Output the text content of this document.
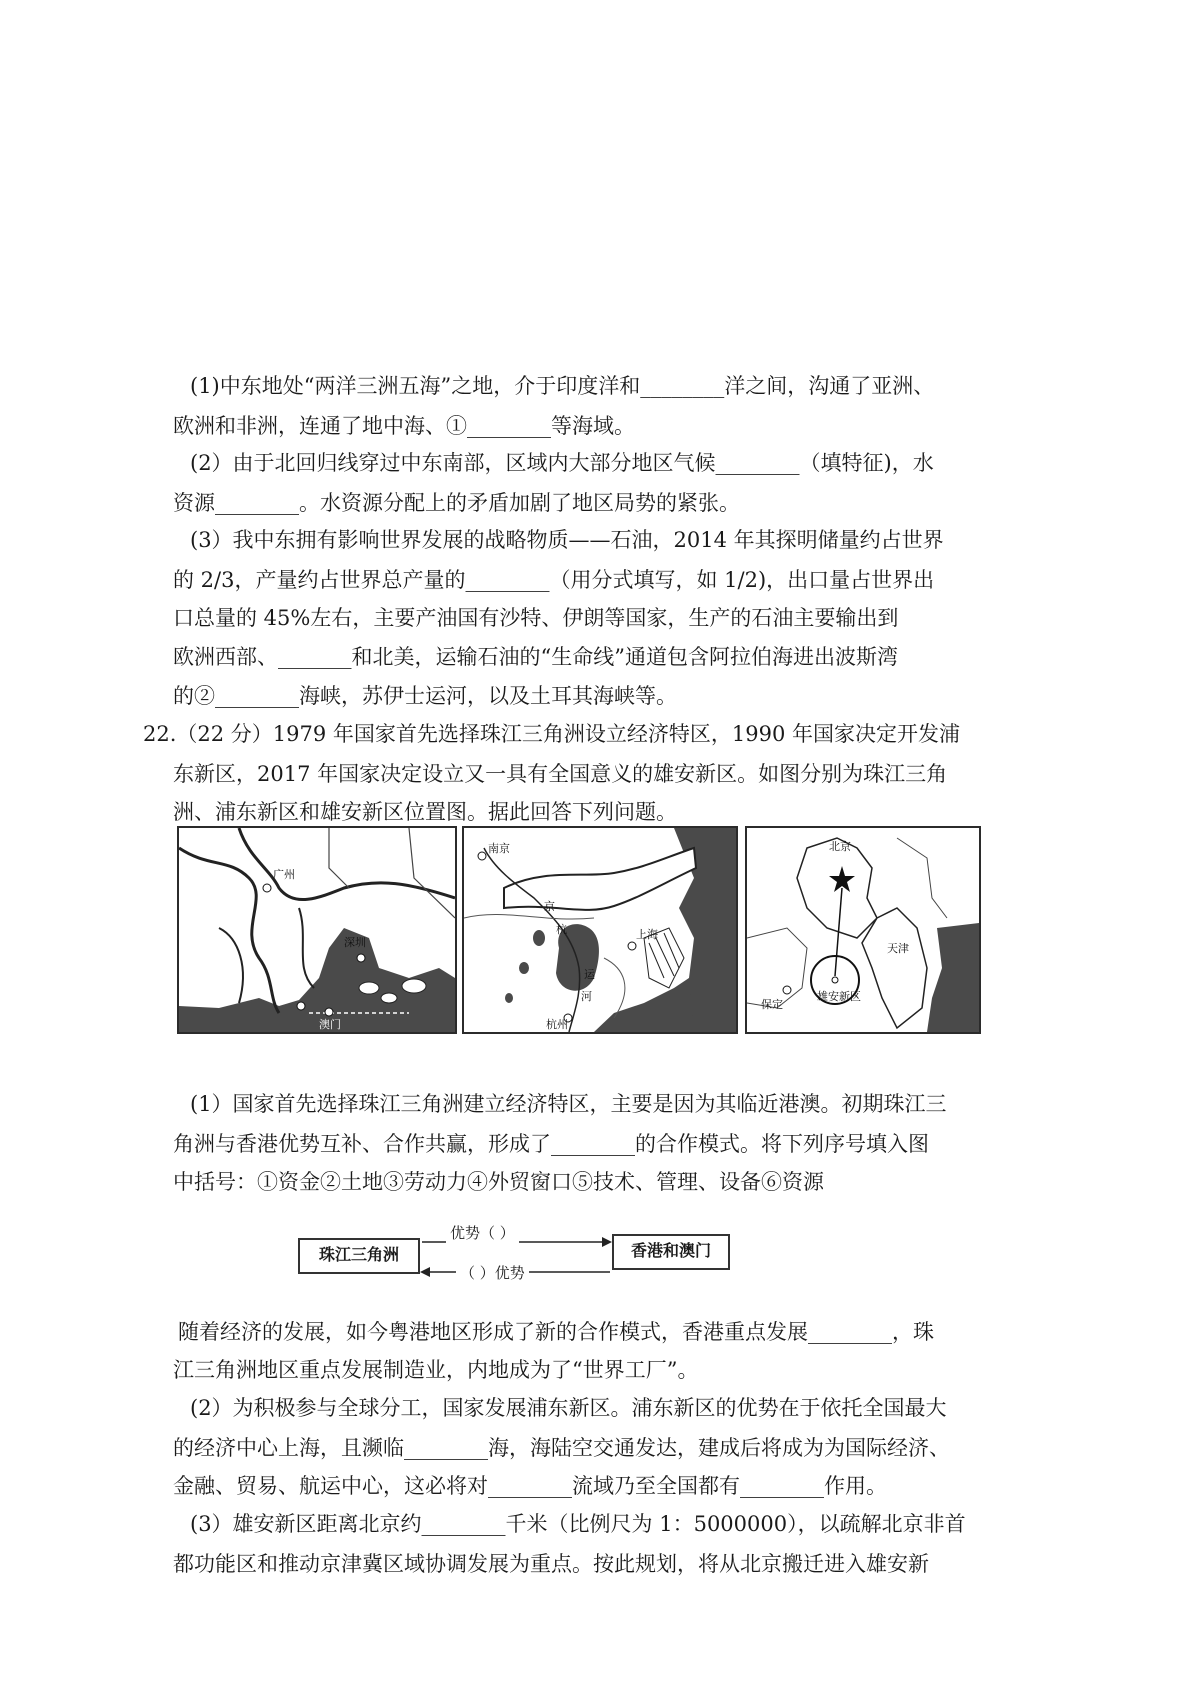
(1)中东地处“两洋三洲五海”之地，介于印度洋和________洋之间，沟通了亚洲、
欧洲和非洲，连通了地中海、①________等海域。
(2）由于北回归线穿过中东南部，区域内大部分地区气候________（填特征)，水
资源________。水资源分配上的矛盾加剧了地区局势的紧张。
(3）我中东拥有影响世界发展的战略物质——石油，2014 年其探明储量约占世界
的 2/3，产量约占世界总产量的________（用分式填写，如 1/2)，出口量占世界出
口总量的 45%左右，主要产油国有沙特、伊朗等国家，生产的石油主要输出到
欧洲西部、_______和北美，运输石油的“生命线”通道包含阿拉伯海进出波斯湾
的②________海峡，苏伊士运河，以及土耳其海峡等。
22.（22 分）1979 年国家首先选择珠江三角洲设立经济特区，1990 年国家决定开发浦
东新区，2017 年国家决定设立又一具有全国意义的雄安新区。如图分别为珠江三角
洲、浦东新区和雄安新区位置图。据此回答下列问题。
广州
深圳
珠海
澳门
南京
京
杭
运
河
上海
杭州
北京
天津
保定
雄安新区
(1）国家首先选择珠江三角洲建立经济特区，主要是因为其临近港澳。初期珠江三
角洲与香港优势互补、合作共赢，形成了________的合作模式。将下列序号填入图
中括号：①资金②土地③劳动力④外贸窗口⑤技术、管理、设备⑥资源
珠江三角洲	香港和澳门
优势（ ）
（ ）优势
随着经济的发展，如今粤港地区形成了新的合作模式，香港重点发展________，珠
江三角洲地区重点发展制造业，内地成为了“世界工厂”。
(2）为积极参与全球分工，国家发展浦东新区。浦东新区的优势在于依托全国最大
的经济中心上海，且濒临________海，海陆空交通发达，建成后将成为为国际经济、
金融、贸易、航运中心，这必将对________流域乃至全国都有________作用。
(3）雄安新区距离北京约________千米（比例尺为 1：5000000），以疏解北京非首
都功能区和推动京津冀区域协调发展为重点。按此规划，将从北京搬迁进入雄安新
